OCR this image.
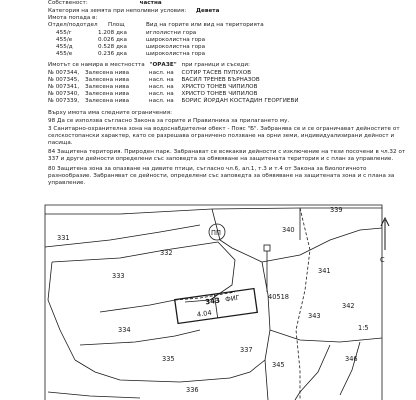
Собственост:	частна
Категория на земята при неполивни условия: Девета
Имота попада в:
Отдел/подотдел Площ	Вид на горите или вид на територията
455/г	1.208 дка	иглолистни гора
455/е	0.026 дка	широколистна гора
455/д	0.528 дка	широколистна гора
455/е	0.236 дка	широколистна гора
Имотът се намира в местността "ОРАЗЕ" при граници и съседи:
№ 007344, Залесена нива	насл. на СОТИР ТАСЕВ ПУПУХОВ
№ 007345, Залесена нива	насл. на ВАСИЛ ТРЕНЕВ БЪРНАЗОВ
№ 007341, Залесена нива	насл. на ХРИСТО ТОНЕВ ЧИПИЛОВ
№ 007340, Залесена нива	насл. на ХРИСТО ТОНЕВ ЧИПИЛОВ
№ 007339, Залесена нива	насл. на БОРИС ЙОРДАН КОСТАДИН ГЕОРГИЕВИ
Върху имота има следните ограничения:
98 Да се използва съгласно Закона за горите и Правилника за прилагането му.
3 Санитарно-охранителна зона на водоснабдителни обект - Пояс "Б". Забранява се и се ограничават дейностите от
селскостопански характер, като се разрешава ограничено ползване на орни земи, индивидуализирани дейност и
пасища.
84 Защитена територия. Природен парк. Забранават се всякакви дейности с изключение на тези посочени в чл.32 от
337 и други дейности определени със заповедта за обявяване на защитената територия и с план за управление.
80 Защитена зона за опазване на дивите птици, съгласно чл.6, ал.1, т.3 и т.4 от Закона за биологичното
разнообразие. Забраняват се дейности, определени със заповедта за обявяване на защитената зона и с плана за
управление.
331
332
333
334
335
336
337
339
340
341
342
343
345
346
40518
343
4.04
ФИГ
ПП
1:5
С
